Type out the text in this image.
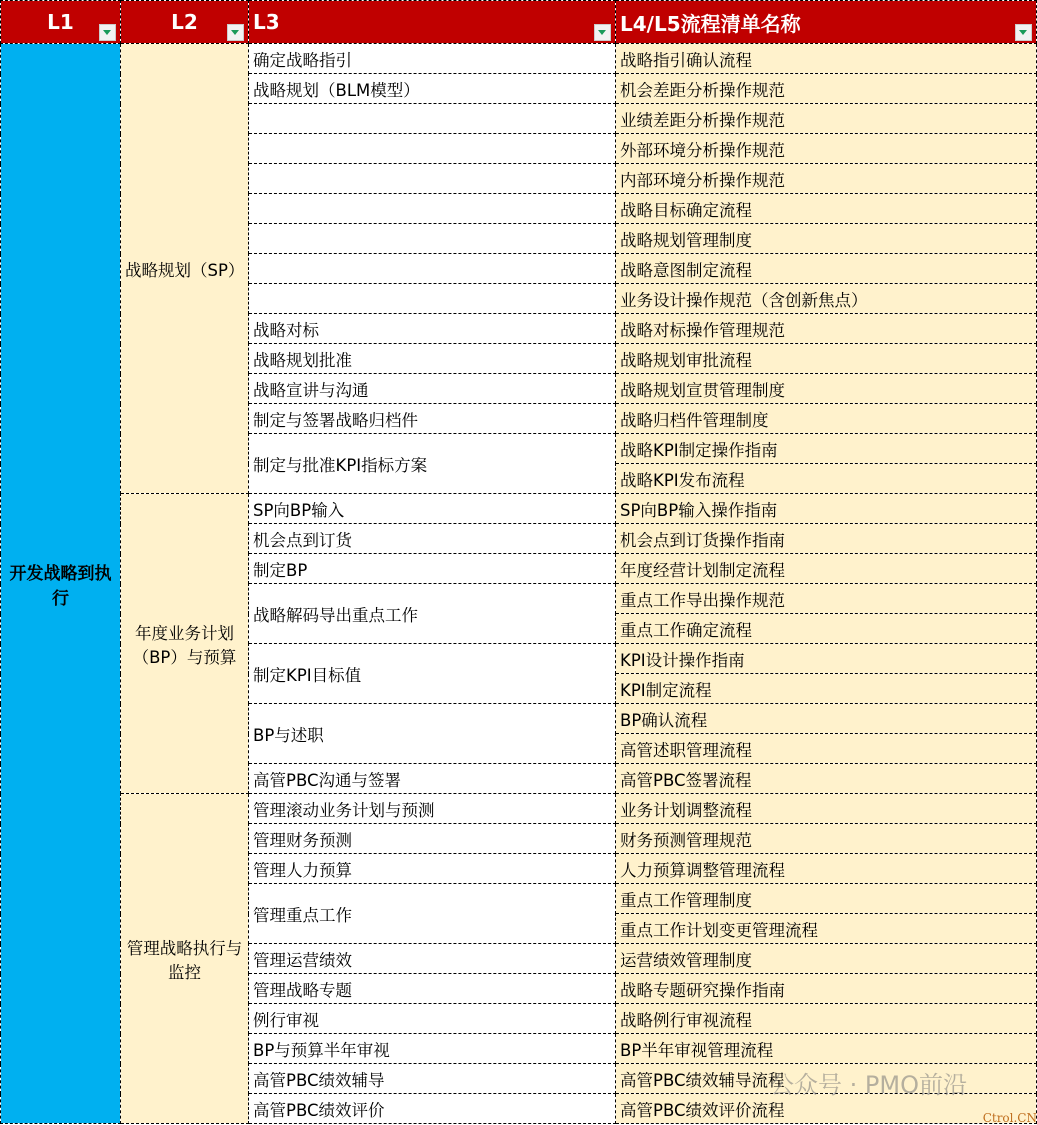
L1	L2	L3	L4/L5流程清单名称

开发战略到执行	战略规划（SP）	确定战略指引	战略指引确认流程
		战略规划（BLM模型）	机会差距分析操作规范
			业绩差距分析操作规范
			外部环境分析操作规范
			内部环境分析操作规范
			战略目标确定流程
			战略规划管理制度
			战略意图制定流程
			业务设计操作规范（含创新焦点）
		战略对标	战略对标操作管理规范
		战略规划批准	战略规划审批流程
		战略宣讲与沟通	战略规划宣贯管理制度
		制定与签署战略归档件	战略归档件管理制度
		制定与批准KPI指标方案	战略KPI制定操作指南
			战略KPI发布流程
	年度业务计划（BP）与预算	SP向BP输入	SP向BP输入操作指南
		机会点到订货	机会点到订货操作指南
		制定BP	年度经营计划制定流程
		战略解码导出重点工作	重点工作导出操作规范
			重点工作确定流程
		制定KPI目标值	KPI设计操作指南
			KPI制定流程
		BP与述职	BP确认流程
			高管述职管理流程
		高管PBC沟通与签署	高管PBC签署流程
	管理战略执行与监控	管理滚动业务计划与预测	业务计划调整流程
		管理财务预测	财务预测管理规范
		管理人力预算	人力预算调整管理流程
		管理重点工作	重点工作管理制度
			重点工作计划变更管理流程
		管理运营绩效	运营绩效管理制度
		管理战略专题	战略专题研究操作指南
		例行审视	战略例行审视流程
		BP与预算半年审视	BP半年审视管理流程
		高管PBC绩效辅导	高管PBC绩效辅导流程
		高管PBC绩效评价	高管PBC绩效评价流程
公众号 · PMO前沿
Ctrol.CN
